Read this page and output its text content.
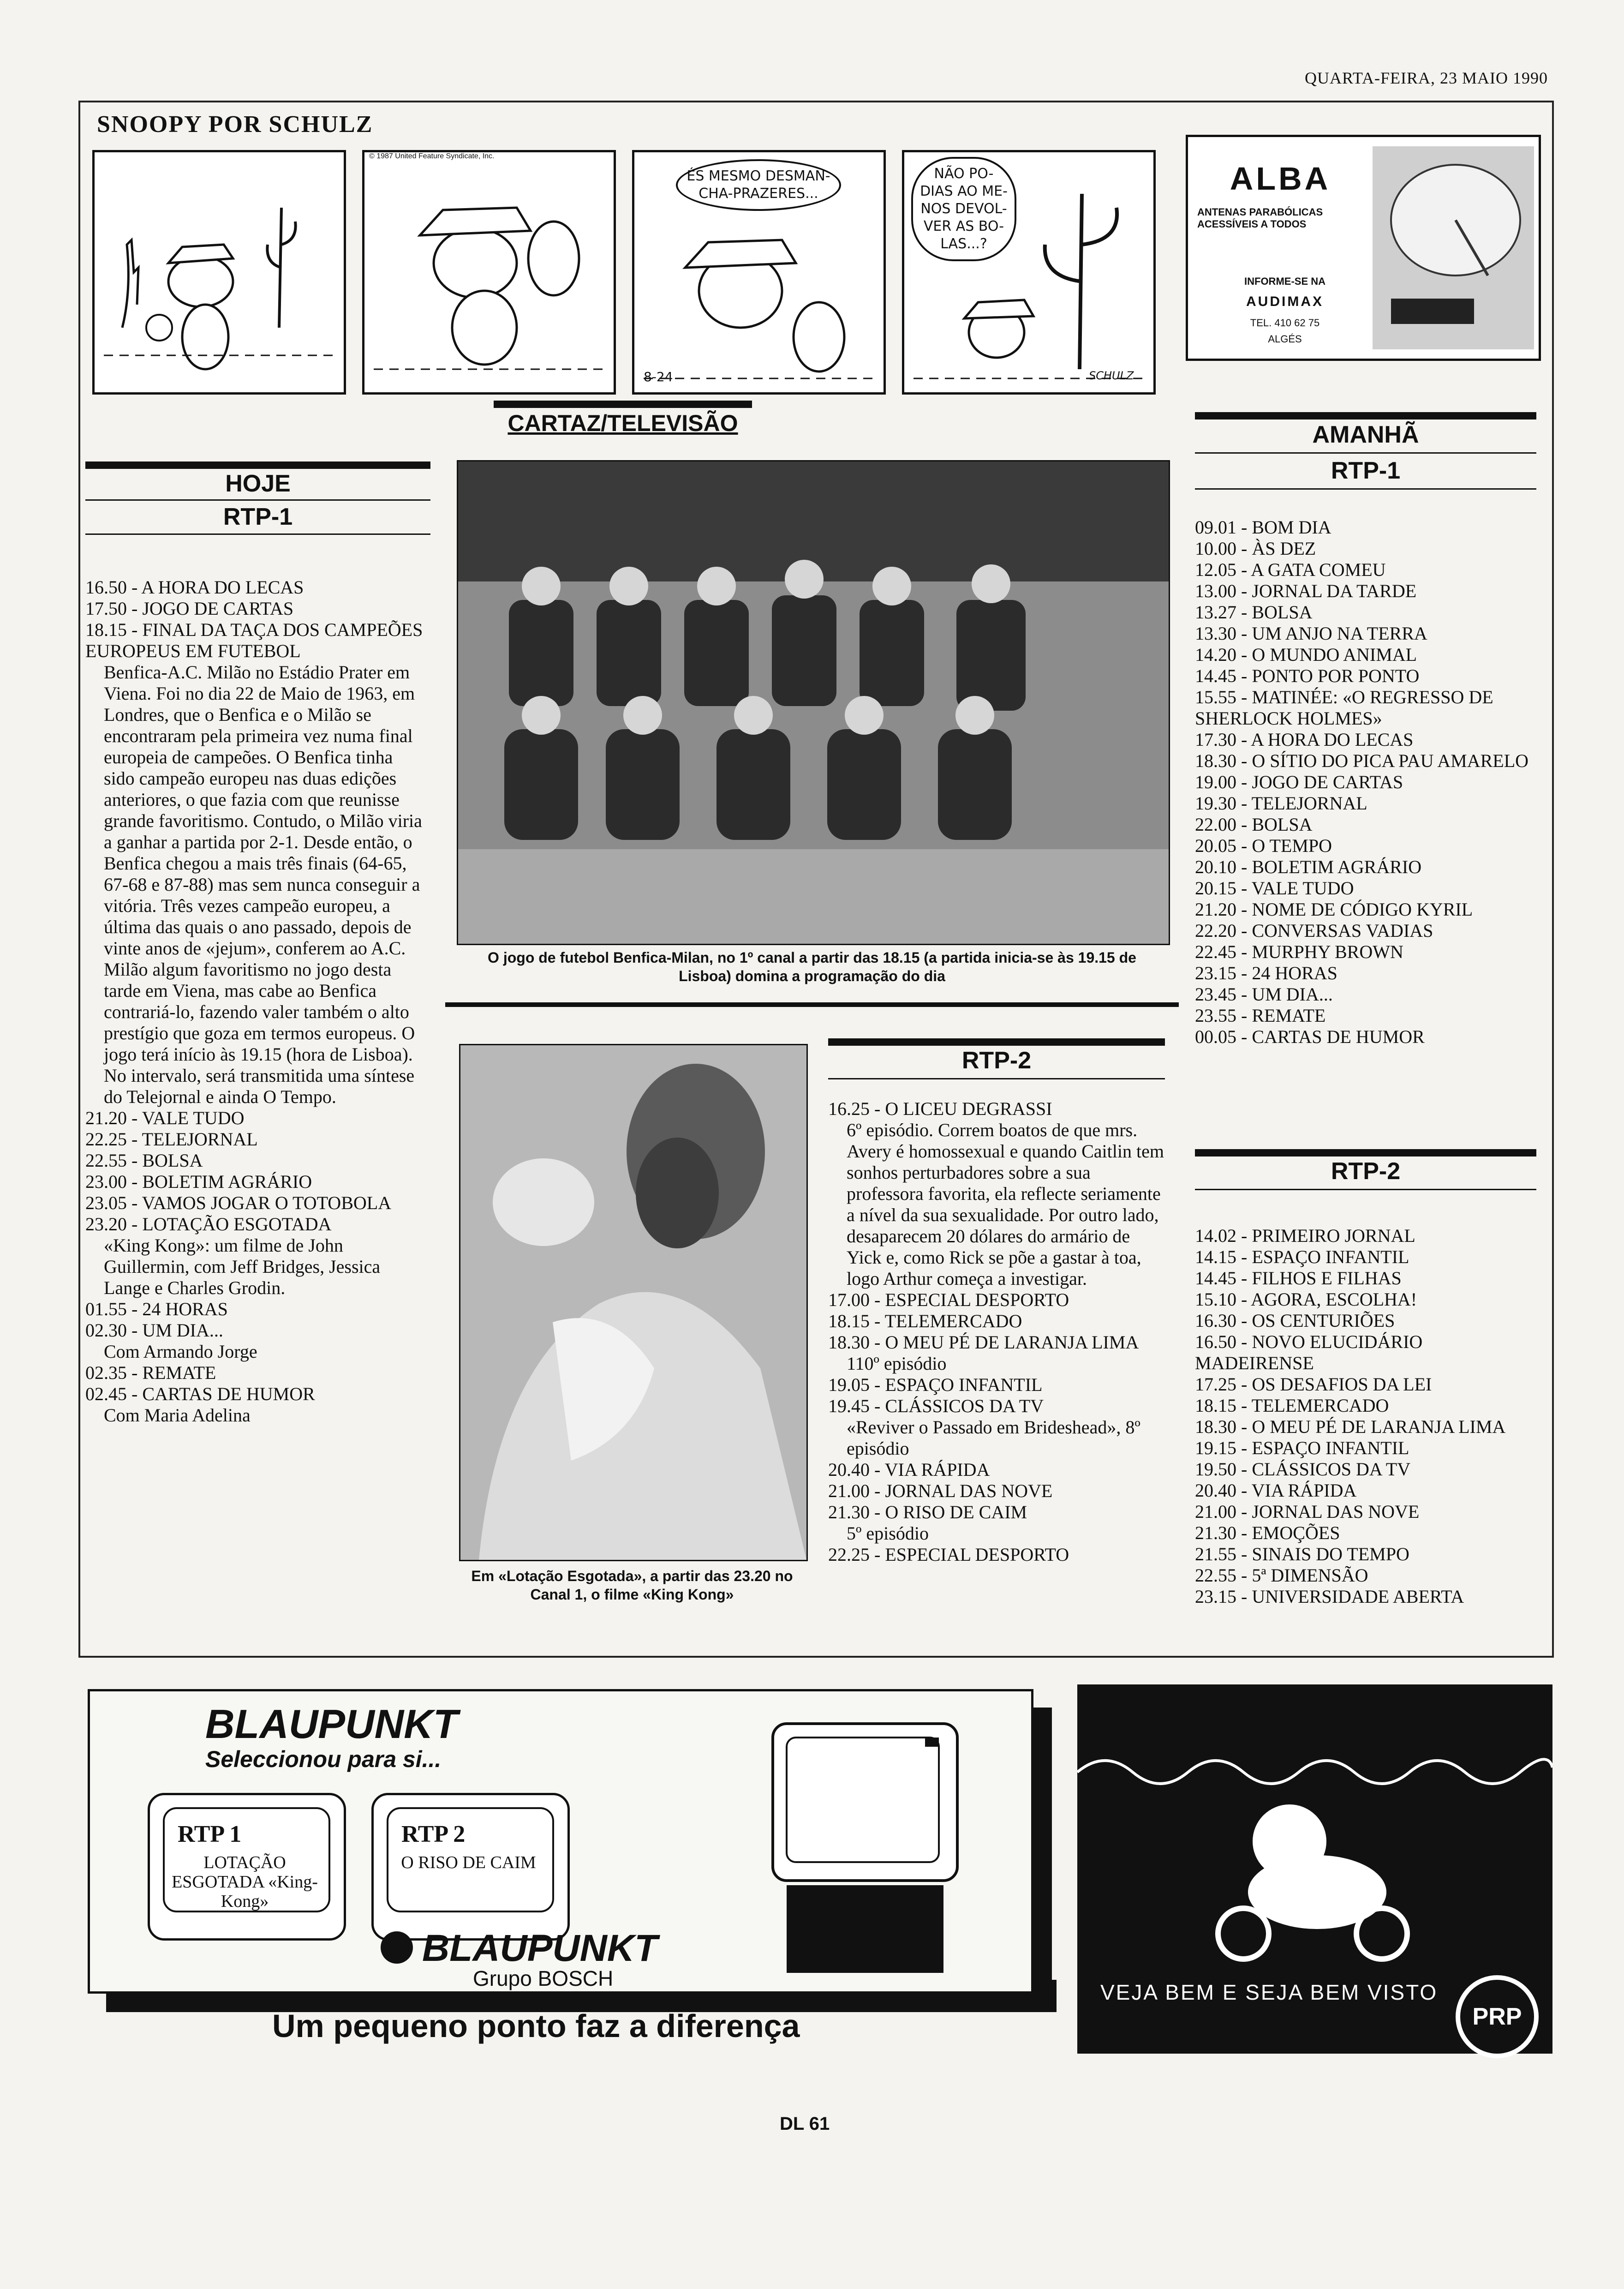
QUARTA-FEIRA, 23 MAIO 1990
SNOOPY POR SCHULZ
© 1987 United Feature Syndicate, Inc.
ÉS MESMO DESMAN-
CHA-PRAZERES...
8-24
NÃO PO-
DIAS AO ME-
NOS DEVOL-
VER AS BO-
LAS...?
SCHULZ
ALBA
ANTENAS PARABÓLICAS ACESSÍVEIS A TODOS
INFORME-SE NA
AUDIMAX
TEL. 410 62 75
ALGÉS
CARTAZ/TELEVISÃO
HOJE
RTP-1
16.50 - A HORA DO LECAS
17.50 - JOGO DE CARTAS
18.15 - FINAL DA TAÇA DOS CAMPEÕES EUROPEUS EM FUTEBOL
Benfica-A.C. Milão no Estádio Prater em Viena. Foi no dia 22 de Maio de 1963, em Londres, que o Benfica e o Milão se encontraram pela primeira vez numa final europeia de campeões. O Benfica tinha sido campeão europeu nas duas edições anteriores, o que fazia com que reunisse grande favoritismo. Contudo, o Milão viria a ganhar a partida por 2-1. Desde então, o Benfica chegou a mais três finais (64-65, 67-68 e 87-88) mas sem nunca conseguir a vitória. Três vezes campeão europeu, a última das quais o ano passado, depois de vinte anos de «jejum», conferem ao A.C. Milão algum favoritismo no jogo desta tarde em Viena, mas cabe ao Benfica contrariá-lo, fazendo valer também o alto prestígio que goza em termos europeus. O jogo terá início às 19.15 (hora de Lisboa). No intervalo, será transmitida uma síntese do Telejornal e ainda O Tempo.
21.20 - VALE TUDO
22.25 - TELEJORNAL
22.55 - BOLSA
23.00 - BOLETIM AGRÁRIO
23.05 - VAMOS JOGAR O TOTOBOLA
23.20 - LOTAÇÃO ESGOTADA
«King Kong»: um filme de John Guillermin, com Jeff Bridges, Jessica Lange e Charles Grodin.
01.55 - 24 HORAS
02.30 - UM DIA...
Com Armando Jorge
02.35 - REMATE
02.45 - CARTAS DE HUMOR
Com Maria Adelina
O jogo de futebol Benfica-Milan, no 1º canal a partir das 18.15 (a partida inicia-se às 19.15 de Lisboa) domina a programação do dia
Em «Lotação Esgotada», a partir das 23.20 no Canal 1, o filme «King Kong»
RTP-2
16.25 - O LICEU DEGRASSI
6º episódio. Correm boatos de que mrs. Avery é homossexual e quando Caitlin tem sonhos perturbadores sobre a sua professora favorita, ela reflecte seriamente a nível da sua sexualidade. Por outro lado, desaparecem 20 dólares do armário de Yick e, como Rick se põe a gastar à toa, logo Arthur começa a investigar.
17.00 - ESPECIAL DESPORTO
18.15 - TELEMERCADO
18.30 - O MEU PÉ DE LARANJA LIMA
110º episódio
19.05 - ESPAÇO INFANTIL
19.45 - CLÁSSICOS DA TV
«Reviver o Passado em Brideshead», 8º episódio
20.40 - VIA RÁPIDA
21.00 - JORNAL DAS NOVE
21.30 - O RISO DE CAIM
5º episódio
22.25 - ESPECIAL DESPORTO
AMANHÃ
RTP-1
09.01 - BOM DIA
10.00 - ÀS DEZ
12.05 - A GATA COMEU
13.00 - JORNAL DA TARDE
13.27 - BOLSA
13.30 - UM ANJO NA TERRA
14.20 - O MUNDO ANIMAL
14.45 - PONTO POR PONTO
15.55 - MATINÉE: «O REGRESSO DE SHERLOCK HOLMES»
17.30 - A HORA DO LECAS
18.30 - O SÍTIO DO PICA PAU AMARELO
19.00 - JOGO DE CARTAS
19.30 - TELEJORNAL
22.00 - BOLSA
20.05 - O TEMPO
20.10 - BOLETIM AGRÁRIO
20.15 - VALE TUDO
21.20 - NOME DE CÓDIGO KYRIL
22.20 - CONVERSAS VADIAS
22.45 - MURPHY BROWN
23.15 - 24 HORAS
23.45 - UM DIA...
23.55 - REMATE
00.05 - CARTAS DE HUMOR
RTP-2
14.02 - PRIMEIRO JORNAL
14.15 - ESPAÇO INFANTIL
14.45 - FILHOS E FILHAS
15.10 - AGORA, ESCOLHA!
16.30 - OS CENTURIÕES
16.50 - NOVO ELUCIDÁRIO MADEIRENSE
17.25 - OS DESAFIOS DA LEI
18.15 - TELEMERCADO
18.30 - O MEU PÉ DE LARANJA LIMA
19.15 - ESPAÇO INFANTIL
19.50 - CLÁSSICOS DA TV
20.40 - VIA RÁPIDA
21.00 - JORNAL DAS NOVE
21.30 - EMOÇÕES
21.55 - SINAIS DO TEMPO
22.55 - 5ª DIMENSÃO
23.15 - UNIVERSIDADE ABERTA
BLAUPUNKT
Seleccionou para si...
RTP 1
LOTAÇÃO ESGOTADA «King-Kong»
RTP 2
O RISO DE CAIM
BLAUPUNKT
Grupo BOSCH
Um pequeno ponto faz a diferença
VEJA BEM E SEJA BEM VISTO
PRP
DL 61
